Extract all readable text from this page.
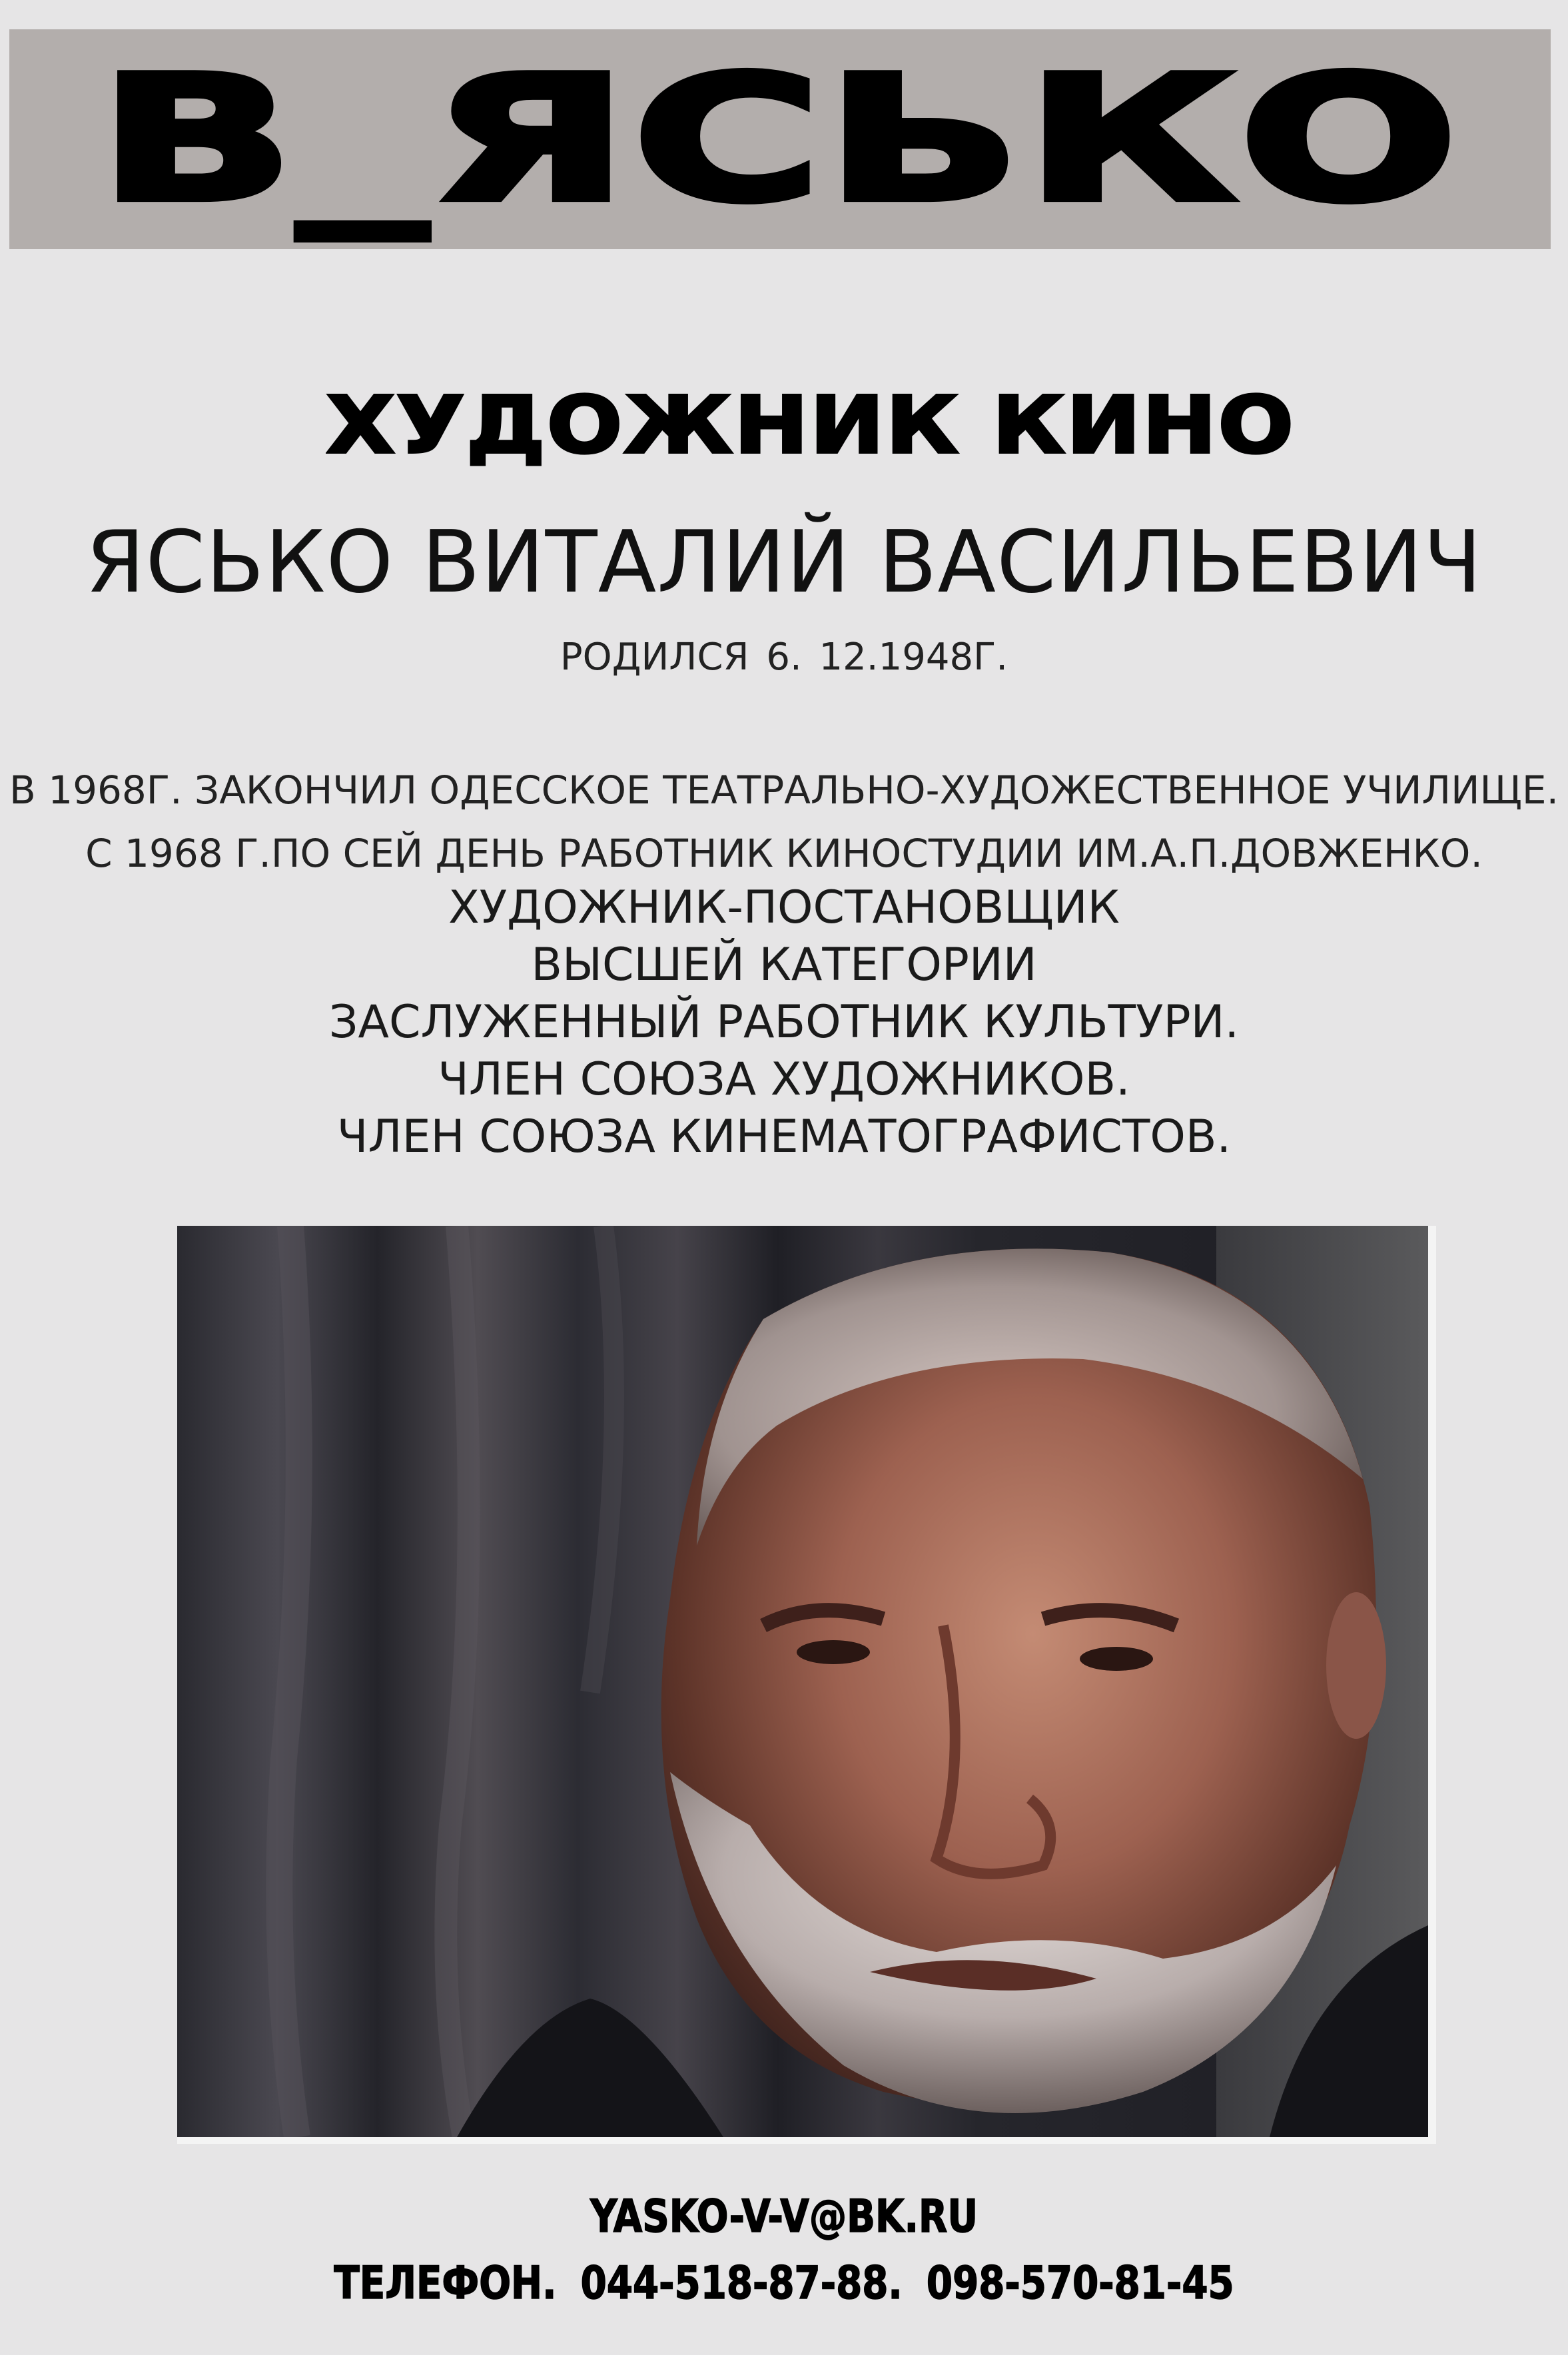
В_ЯСЬКО
ХУДОЖНИК КИНО
ЯСЬКО ВИТАЛИЙ ВАСИЛЬЕВИЧ
РОДИЛСЯ 6. 12.1948Г.
В 1968Г. ЗАКОНЧИЛ ОДЕССКОЕ ТЕАТРАЛЬНО-ХУДОЖЕСТВЕННОЕ УЧИЛИЩЕ.
С 1968 Г.ПО СЕЙ ДЕНЬ РАБОТНИК КИНОСТУДИИ ИМ.А.П.ДОВЖЕНКО.
ХУДОЖНИК-ПОСТАНОВЩИК
ВЫСШЕЙ КАТЕГОРИИ
ЗАСЛУЖЕННЫЙ РАБОТНИК КУЛЬТУРИ.
ЧЛЕН СОЮЗА ХУДОЖНИКОВ.
ЧЛЕН СОЮЗА КИНЕМАТОГРАФИСТОВ.
YASKO-V-V@BK.RU
ТЕЛЕФОН. 044-518-87-88. 098-570-81-45
